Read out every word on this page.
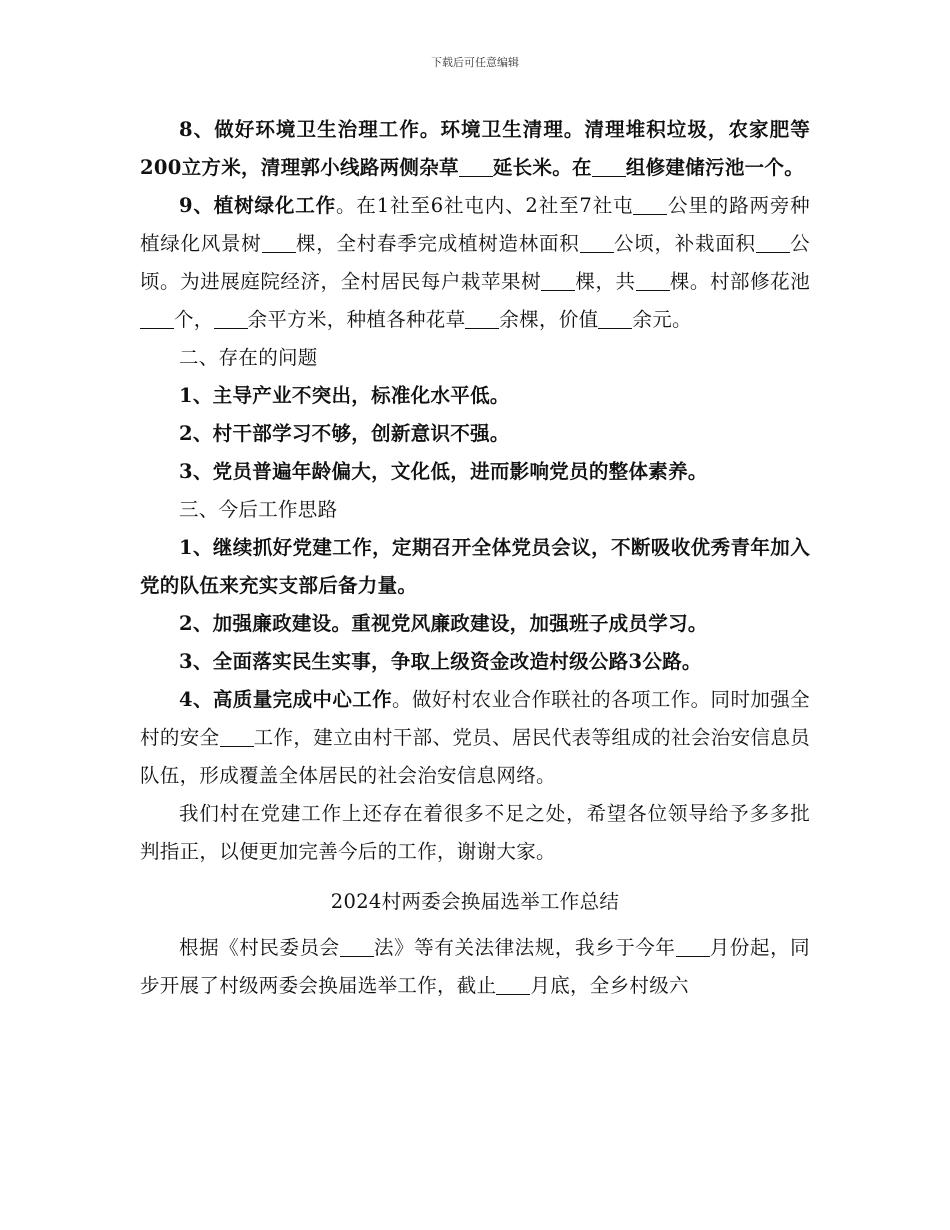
下载后可任意编辑

8、做好环境卫生治理工作。环境卫生清理。清理堆积垃圾，农家肥等200立方米，清理郭小线路两侧杂草 延长米。在 组修建储污池一个。

9、植树绿化工作。在1社至6社屯内、2社至7社屯 公里的路两旁种植绿化风景树 棵，全村春季完成植树造林面积 公顷，补栽面积 公顷。为进展庭院经济，全村居民每户栽苹果树 棵，共 棵。村部修花池个， 余平方米，种植各种花草 余棵，价值 余元。

二、存在的问题

1、主导产业不突出，标准化水平低。

2、村干部学习不够，创新意识不强。

3、党员普遍年龄偏大，文化低，进而影响党员的整体素养。

三、今后工作思路

1、继续抓好党建工作，定期召开全体党员会议，不断吸收优秀青年加入党的队伍来充实支部后备力量。

2、加强廉政建设。重视党风廉政建设，加强班子成员学习。

3、全面落实民生实事，争取上级资金改造村级公路3公路。

4、高质量完成中心工作。做好村农业合作联社的各项工作。同时加强全村的安全 工作，建立由村干部、党员、居民代表等组成的社会治安信息员队伍，形成覆盖全体居民的社会治安信息网络。

我们村在党建工作上还存在着很多不足之处，希望各位领导给予多多批判指正，以便更加完善今后的工作，谢谢大家。

2024村两委会换届选举工作总结

根据《村民委员会 法》等有关法律法规，我乡于今年 月份起，同步开展了村级两委会换届选举工作，截止 月底，全乡村级六
